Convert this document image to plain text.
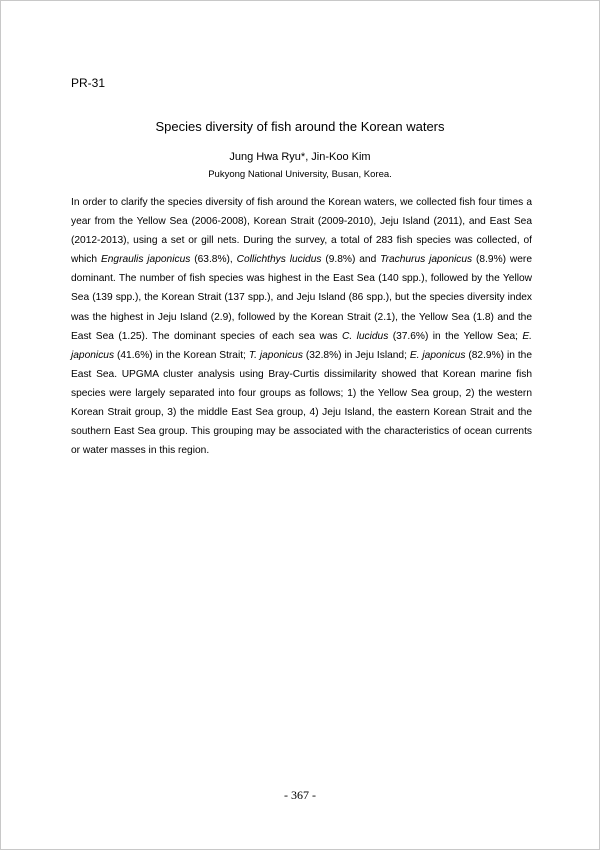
PR-31
Species diversity of fish around the Korean waters
Jung Hwa Ryu*, Jin-Koo Kim
Pukyong National University, Busan, Korea.

In order to clarify the species diversity of fish around the Korean waters, we collected fish four times a year from the Yellow Sea (2006-2008), Korean Strait (2009-2010), Jeju Island (2011), and East Sea (2012-2013), using a set or gill nets. During the survey, a total of 283 fish species was collected, of which Engraulis japonicus (63.8%), Collichthys lucidus (9.8%) and Trachurus japonicus (8.9%) were dominant. The number of fish species was highest in the East Sea (140 spp.), followed by the Yellow Sea (139 spp.), the Korean Strait (137 spp.), and Jeju Island (86 spp.), but the species diversity index was the highest in Jeju Island (2.9), followed by the Korean Strait (2.1), the Yellow Sea (1.8) and the East Sea (1.25). The dominant species of each sea was C. lucidus (37.6%) in the Yellow Sea; E. japonicus (41.6%) in the Korean Strait; T. japonicus (32.8%) in Jeju Island; E. japonicus (82.9%) in the East Sea. UPGMA cluster analysis using Bray-Curtis dissimilarity showed that Korean marine fish species were largely separated into four groups as follows; 1) the Yellow Sea group, 2) the western Korean Strait group, 3) the middle East Sea group, 4) Jeju Island, the eastern Korean Strait and the southern East Sea group. This grouping may be associated with the characteristics of ocean currents or water masses in this region.

- 367 -
